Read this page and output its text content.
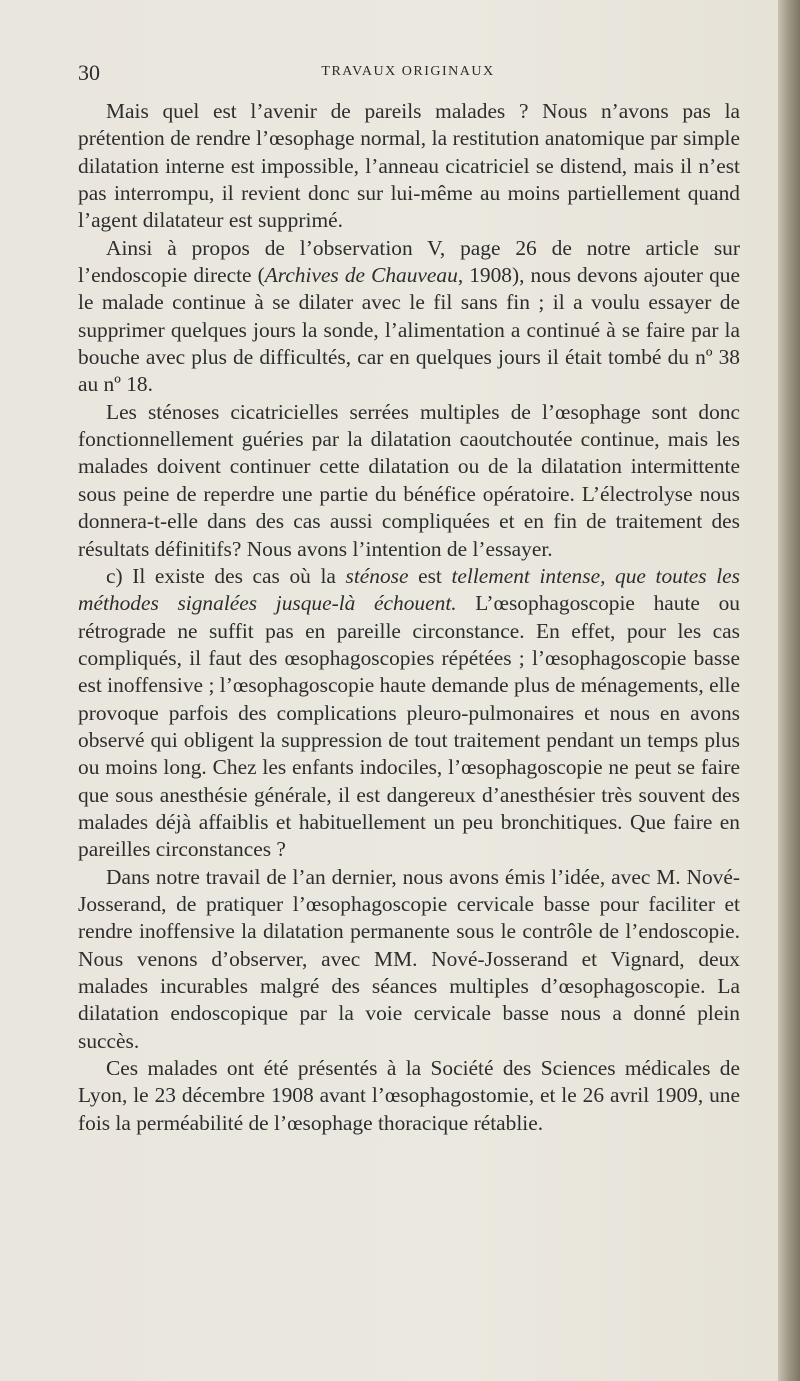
30	TRAVAUX ORIGINAUX

Mais quel est l’avenir de pareils malades ? Nous n’avons pas la prétention de rendre l’œsophage normal, la restitution anatomique par simple dilatation interne est impossible, l’anneau cicatriciel se distend, mais il n’est pas interrompu, il revient donc sur lui-même au moins partiellement quand l’agent dilatateur est supprimé.

Ainsi à propos de l’observation V, page 26 de notre article sur l’endoscopie directe (Archives de Chauveau, 1908), nous devons ajouter que le malade continue à se dilater avec le fil sans fin ; il a voulu essayer de supprimer quelques jours la sonde, l’alimentation a continué à se faire par la bouche avec plus de difficultés, car en quelques jours il était tombé du nº 38 au nº 18.

Les sténoses cicatricielles serrées multiples de l’œsophage sont donc fonctionnellement guéries par la dilatation caoutchoutée continue, mais les malades doivent continuer cette dilatation ou de la dilatation intermittente sous peine de reperdre une partie du bénéfice opératoire. L’électrolyse nous donnera-t-elle dans des cas aussi compliquées et en fin de traitement des résultats définitifs? Nous avons l’intention de l’essayer.

c) Il existe des cas où la sténose est tellement intense, que toutes les méthodes signalées jusque-là échouent. L’œsophagoscopie haute ou rétrograde ne suffit pas en pareille circonstance. En effet, pour les cas compliqués, il faut des œsophagoscopies répétées ; l’œsophagoscopie basse est inoffensive ; l’œsophagoscopie haute demande plus de ménagements, elle provoque parfois des complications pleuro-pulmonaires et nous en avons observé qui obligent la suppression de tout traitement pendant un temps plus ou moins long. Chez les enfants indociles, l’œsophagoscopie ne peut se faire que sous anesthésie générale, il est dangereux d’anesthésier très souvent des malades déjà affaiblis et habituellement un peu bronchitiques. Que faire en pareilles circonstances ?

Dans notre travail de l’an dernier, nous avons émis l’idée, avec M. Nové-Josserand, de pratiquer l’œsophagoscopie cervicale basse pour faciliter et rendre inoffensive la dilatation permanente sous le contrôle de l’endoscopie. Nous venons d’observer, avec MM. Nové-Josserand et Vignard, deux malades incurables malgré des séances multiples d’œsophagoscopie. La dilatation endoscopique par la voie cervicale basse nous a donné plein succès.

Ces malades ont été présentés à la Société des Sciences médicales de Lyon, le 23 décembre 1908 avant l’œsophagostomie, et le 26 avril 1909, une fois la perméabilité de l’œsophage thoracique rétablie.
